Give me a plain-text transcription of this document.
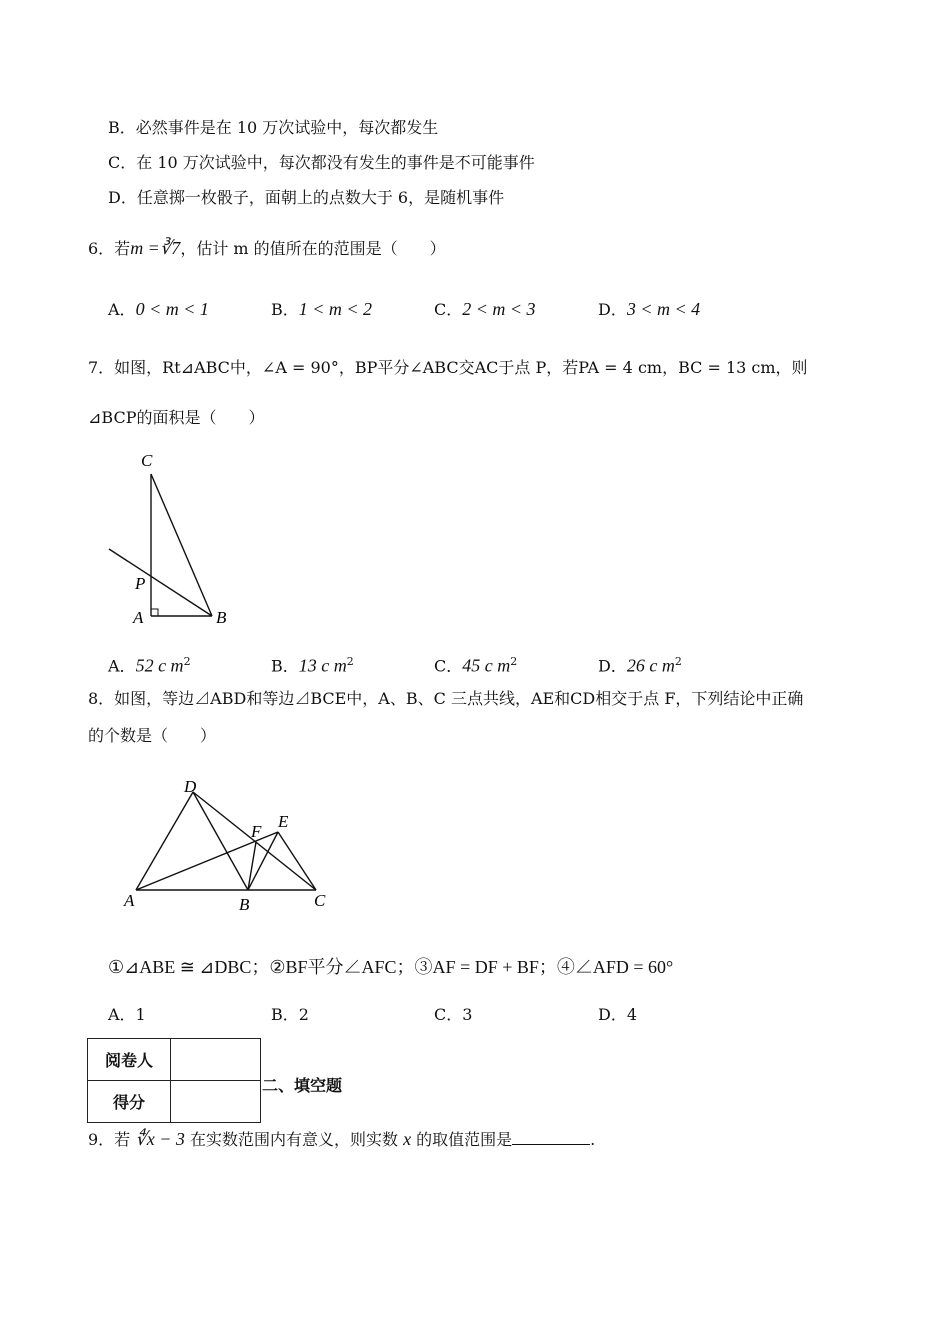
B．必然事件是在 10 万次试验中，每次都发生
C．在 10 万次试验中，每次都没有发生的事件是不可能事件
D．任意掷一枚骰子，面朝上的点数大于 6，是随机事件
6．若m =∛7，估计 m 的值所在的范围是（　　）
A．0 < m < 1	B．1 < m < 2	C．2 < m < 3	D．3 < m < 4
7．如图，Rt⊿ABC中，∠A = 90°，BP平分∠ABC交AC于点 P，若PA = 4 cm，BC = 13 cm，则
⊿BCP的面积是（　　）
C
P
A	B
A．52 c $m^2$	B．13 c $m^2$	C．45 c $m^2$	D．26 c $m^2$
8．如图，等边⊿ABD和等边⊿BCE中，A、B、C 三点共线，AE和CD相交于点 F，下列结论中正确
的个数是（　　）
D
F
E
A	B	C
①⊿ABE ≅ ⊿DBC；②BF平分∠AFC；③AF = DF + BF；④∠AFD = 60°
A．1	B．2	C．3	D．4
阅卷人	
得分	
二、填空题
9．若 ∜x − 3 在实数范围内有意义，则实数 x 的取值范围是	.
